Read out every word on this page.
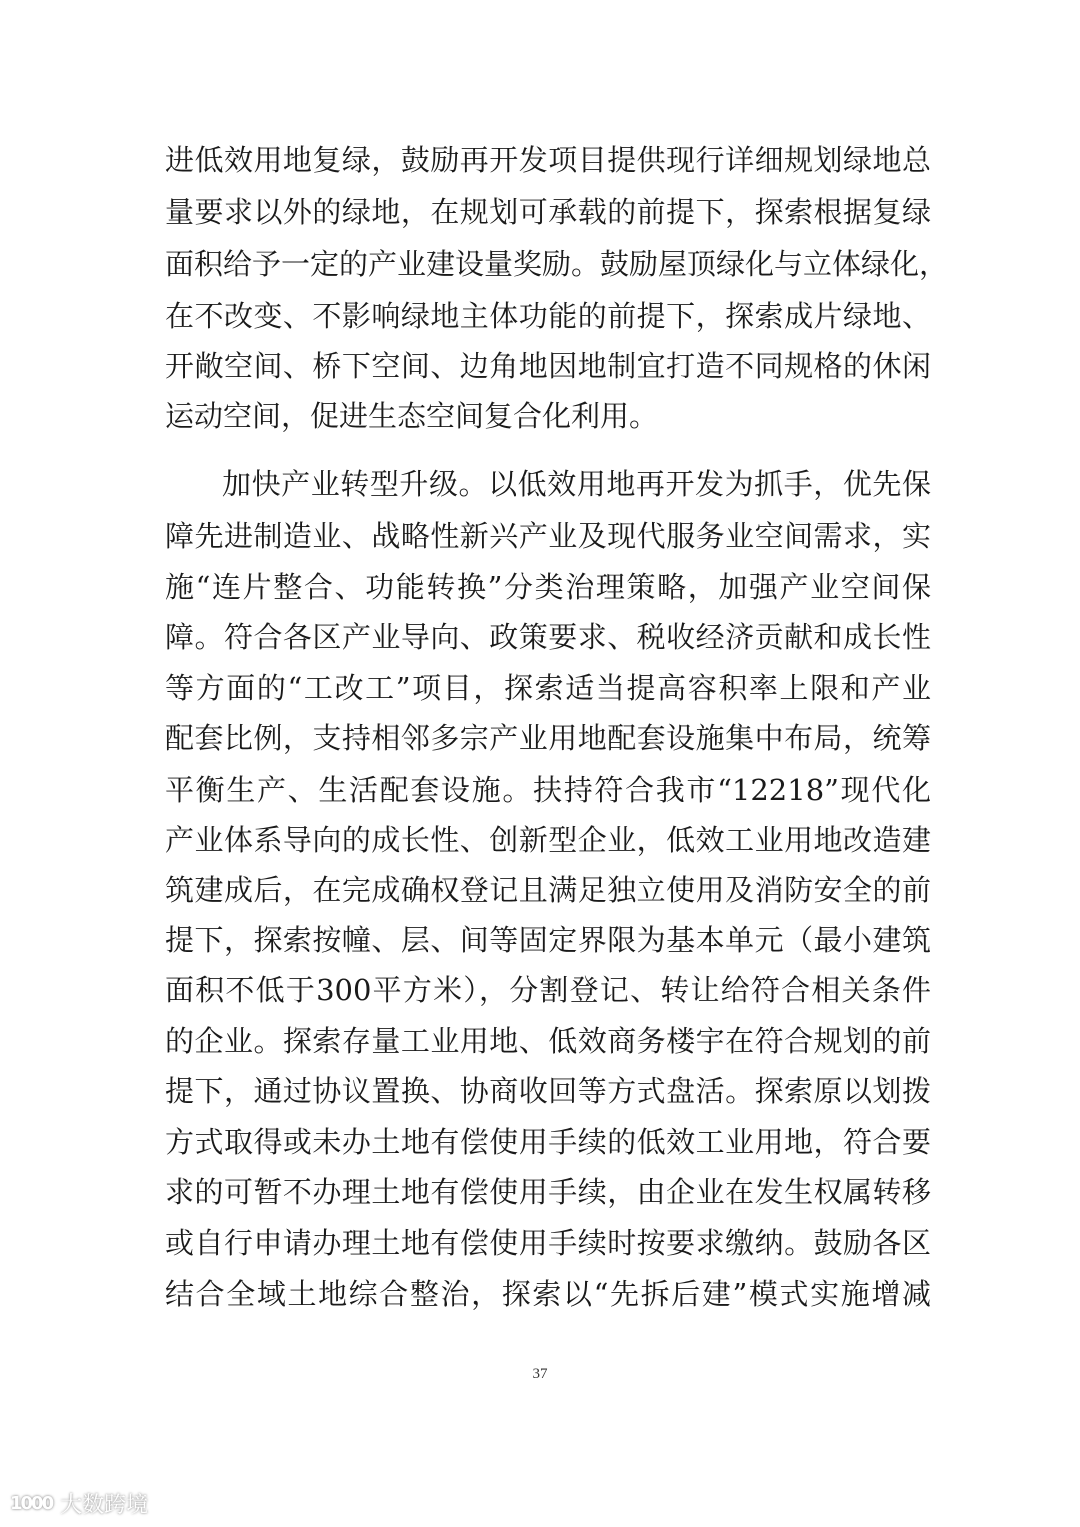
进低效用地复绿，鼓励再开发项目提供现行详细规划绿地总
量要求以外的绿地，在规划可承载的前提下，探索根据复绿
面积给予一定的产业建设量奖励。鼓励屋顶绿化与立体绿化，
在不改变、不影响绿地主体功能的前提下，探索成片绿地、
开敞空间、桥下空间、边角地因地制宜打造不同规格的休闲
运动空间，促进生态空间复合化利用。
加快产业转型升级。以低效用地再开发为抓手，优先保
障先进制造业、战略性新兴产业及现代服务业空间需求，实
施“连片整合、功能转换”分类治理策略，加强产业空间保
障。符合各区产业导向、政策要求、税收经济贡献和成长性
等方面的“工改工”项目，探索适当提高容积率上限和产业
配套比例，支持相邻多宗产业用地配套设施集中布局，统筹
平衡生产、生活配套设施。扶持符合我市“12218”现代化
产业体系导向的成长性、创新型企业，低效工业用地改造建
筑建成后，在完成确权登记且满足独立使用及消防安全的前
提下，探索按幢、层、间等固定界限为基本单元（最小建筑
面积不低于300平方米），分割登记、转让给符合相关条件
的企业。探索存量工业用地、低效商务楼宇在符合规划的前
提下，通过协议置换、协商收回等方式盘活。探索原以划拨
方式取得或未办土地有偿使用手续的低效工业用地，符合要
求的可暂不办理土地有偿使用手续，由企业在发生权属转移
或自行申请办理土地有偿使用手续时按要求缴纳。鼓励各区
结合全域土地综合整治，探索以“先拆后建”模式实施增减
37
1000 大数跨境
